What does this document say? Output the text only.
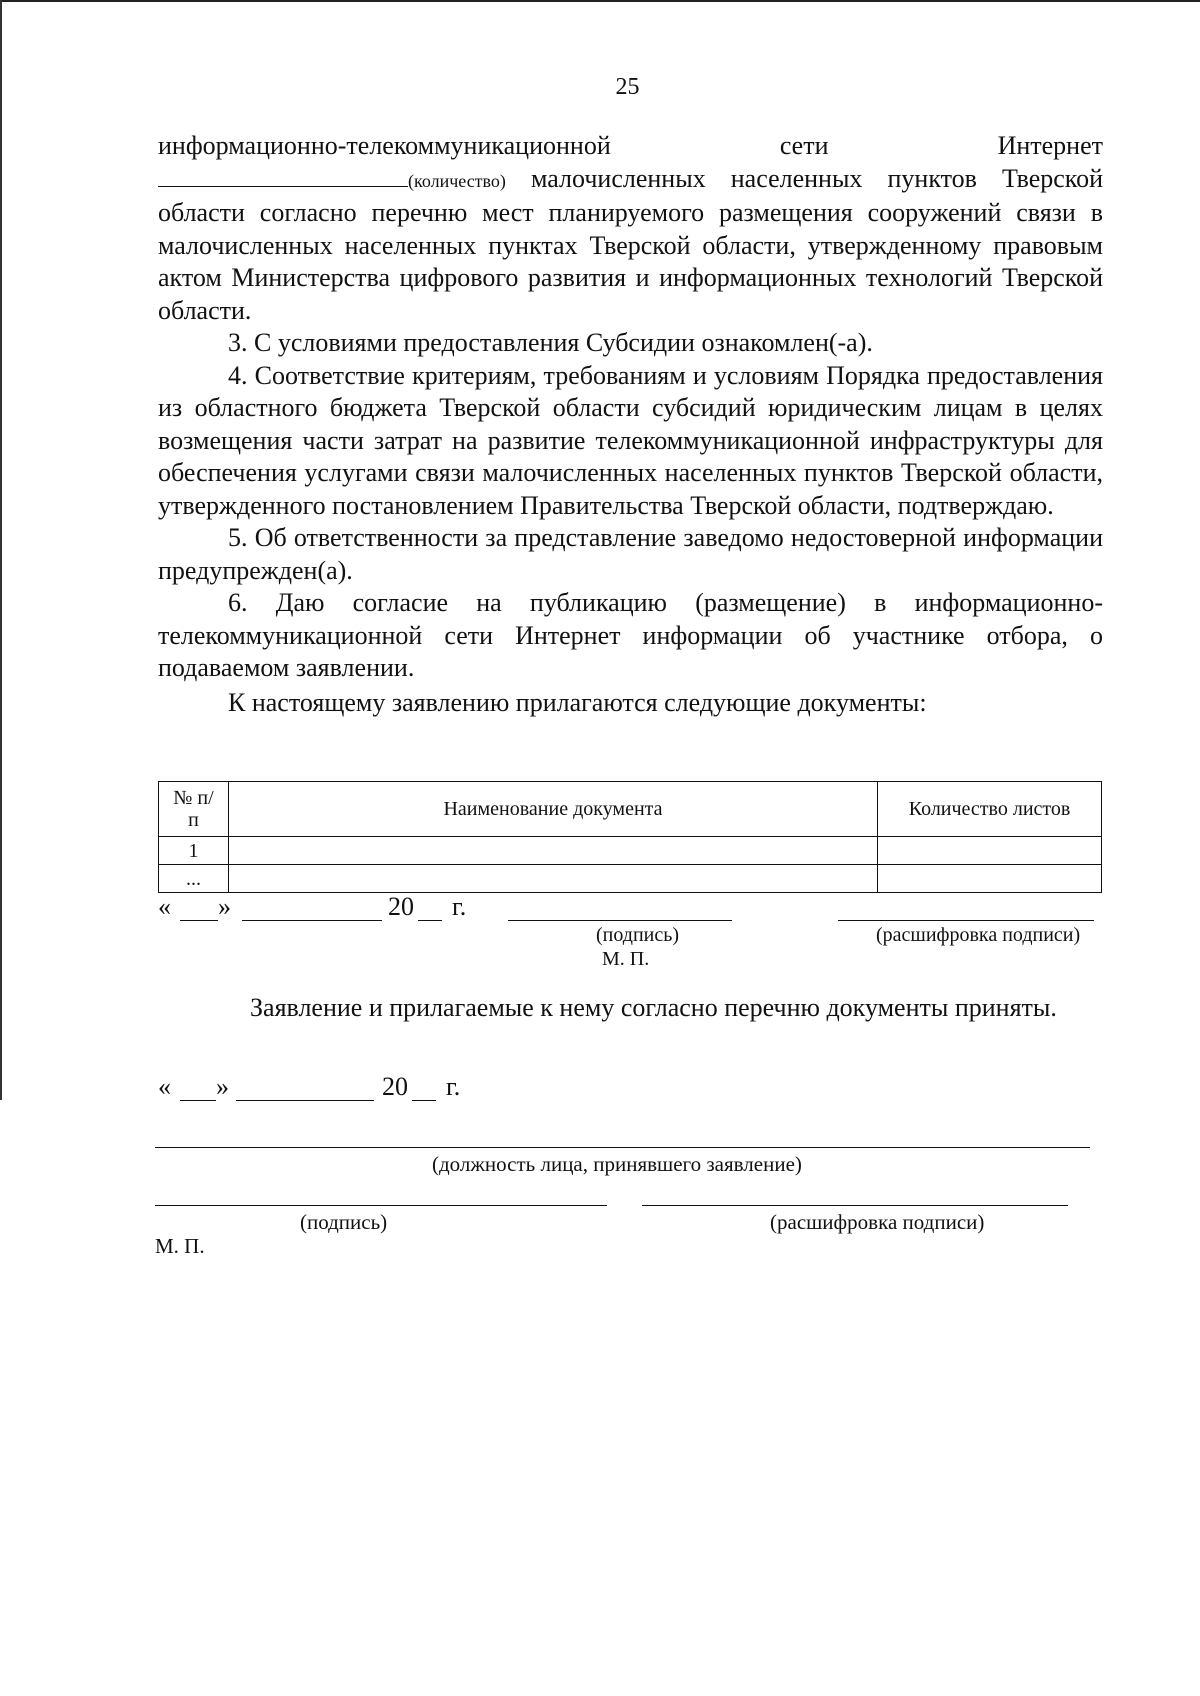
25

информационно-телекоммуникационной	сети	Интернет

(количество) малочисленных населенных пунктов Тверской области согласно перечню мест планируемого размещения сооружений связи в малочисленных населенных пунктах Тверской области, утвержденному правовым актом Министерства цифрового развития и информационных технологий Тверской области.

3. С условиями предоставления Субсидии ознакомлен(-а).

4. Соответствие критериям, требованиям и условиям Порядка предоставления из областного бюджета Тверской области субсидий юридическим лицам в целях возмещения части затрат на развитие телекоммуникационной инфраструктуры для обеспечения услугами связи малочисленных населенных пунктов Тверской области, утвержденного постановлением Правительства Тверской области, подтверждаю.

5. Об ответственности за представление заведомо недостоверной информации предупрежден(а).

6. Даю согласие на публикацию (размещение) в информационно-телекоммуникационной сети Интернет информации об участнике отбора, о подаваемом заявлении.

К настоящему заявлению прилагаются следующие документы:

№ п/п	Наименование документа	Количество листов
1		
...		
« »	20 г.
(подпись)
М. П.
(расшифровка подписи)
Заявление и прилагаемые к нему согласно перечню документы приняты.
« »	20 г.
(должность лица, принявшего заявление)
(подпись)	(расшифровка подписи)
М. П.
